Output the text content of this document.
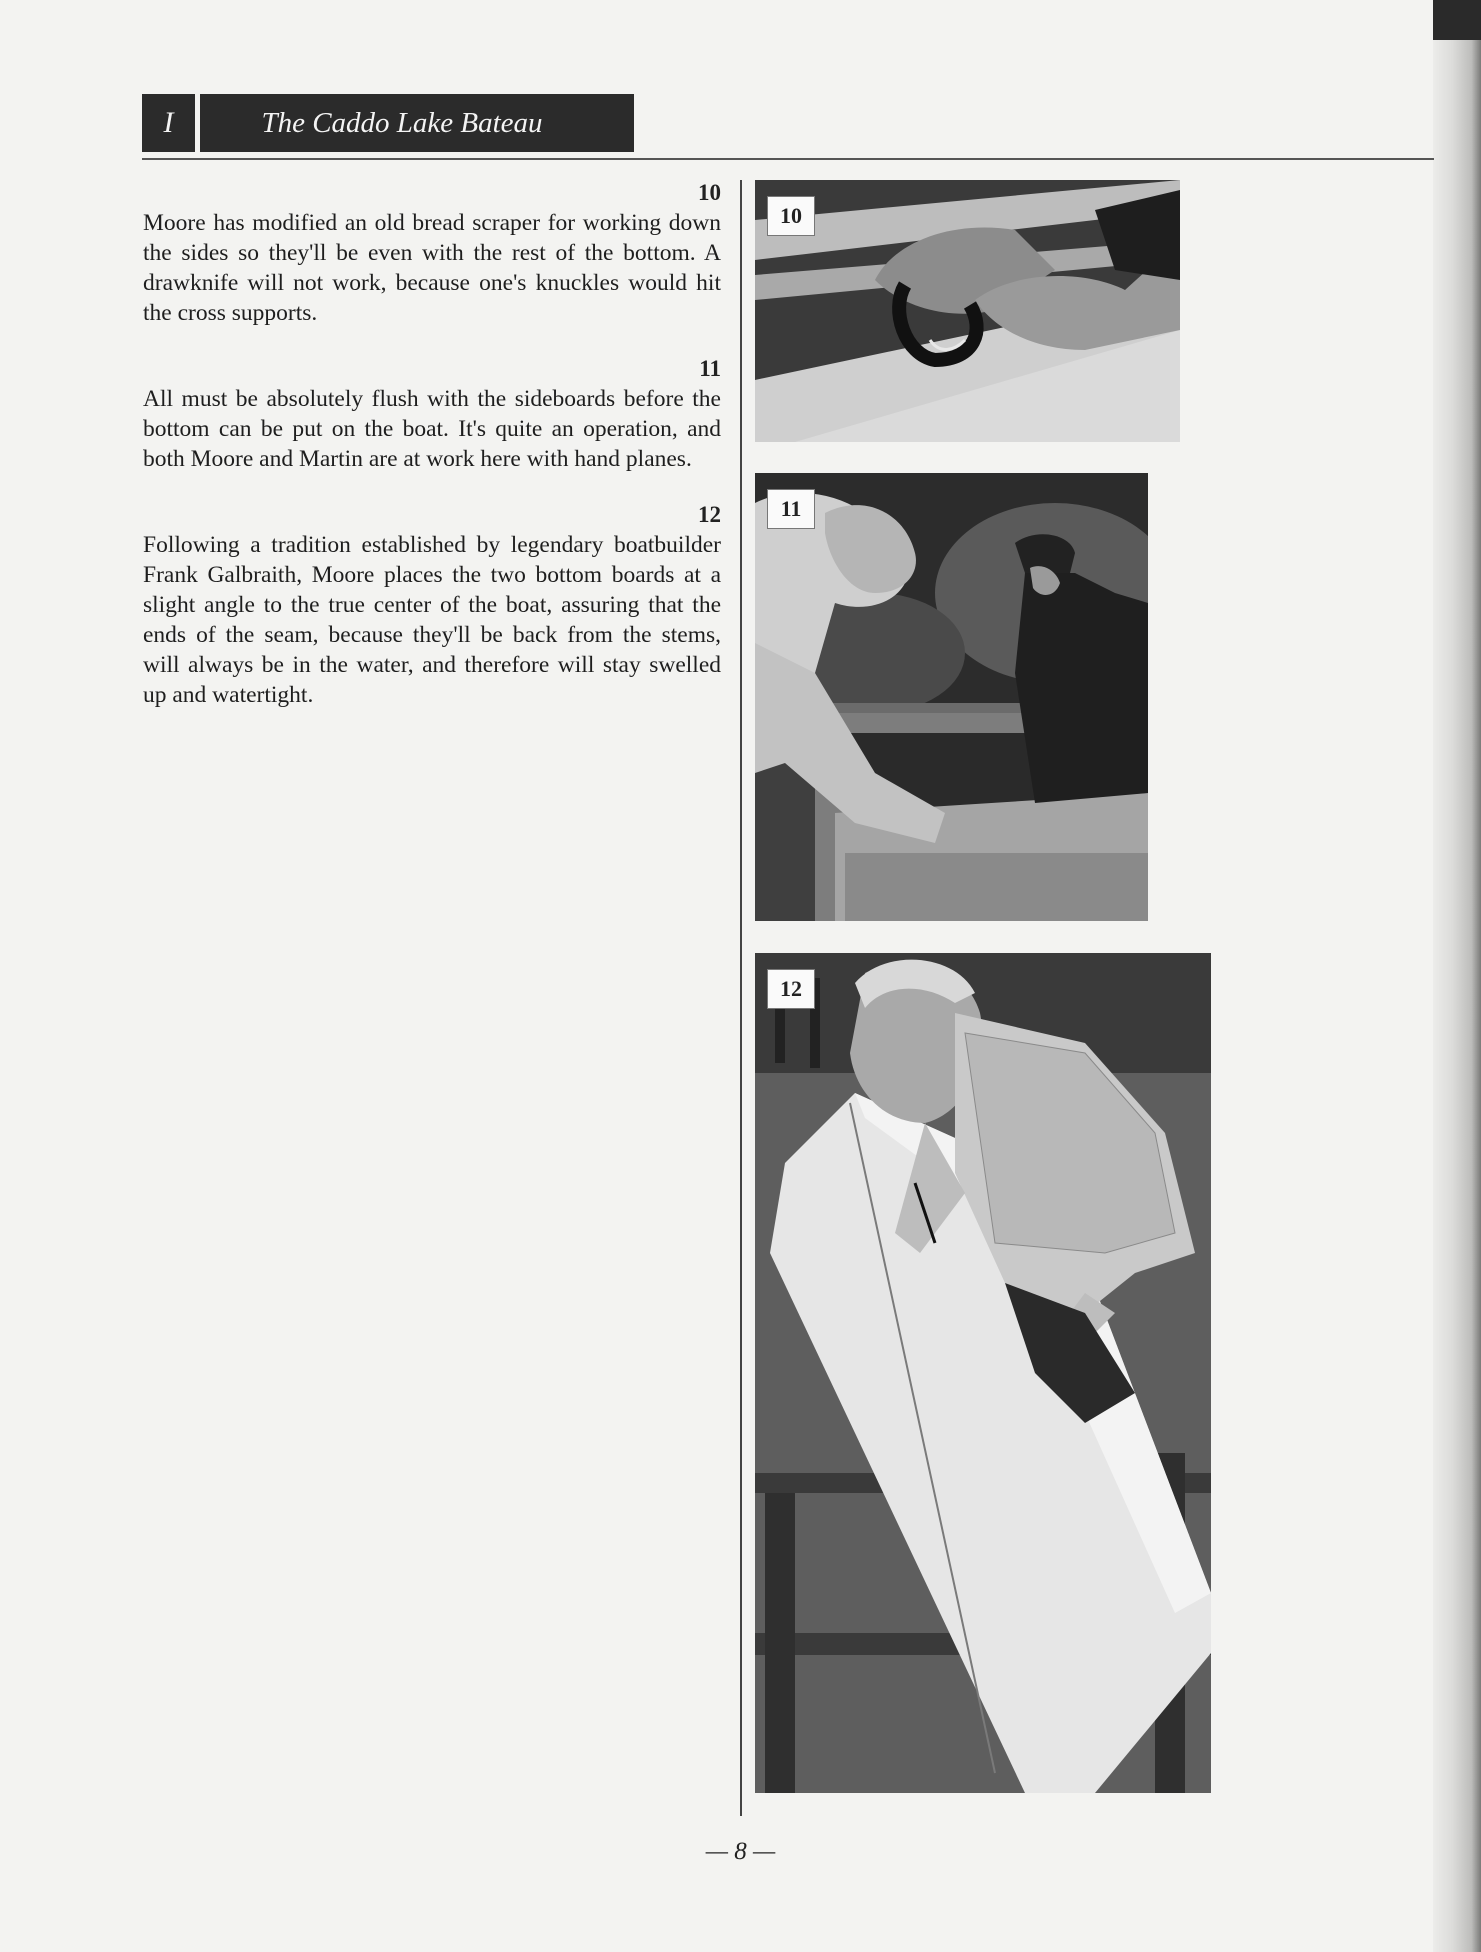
I	The Caddo Lake Bateau
10
Moore has modified an old bread scraper for working down the sides so they'll be even with the rest of the bottom. A drawknife will not work, because one's knuckles would hit the cross supports.
11
All must be absolutely flush with the sideboards before the bottom can be put on the boat. It's quite an operation, and both Moore and Martin are at work here with hand planes.
12
Following a tradition established by legendary boatbuilder Frank Galbraith, Moore places the two bottom boards at a slight angle to the true center of the boat, assuring that the ends of the seam, because they'll be back from the stems, will always be in the water, and therefore will stay swelled up and watertight.
10
11
12
— 8 —
